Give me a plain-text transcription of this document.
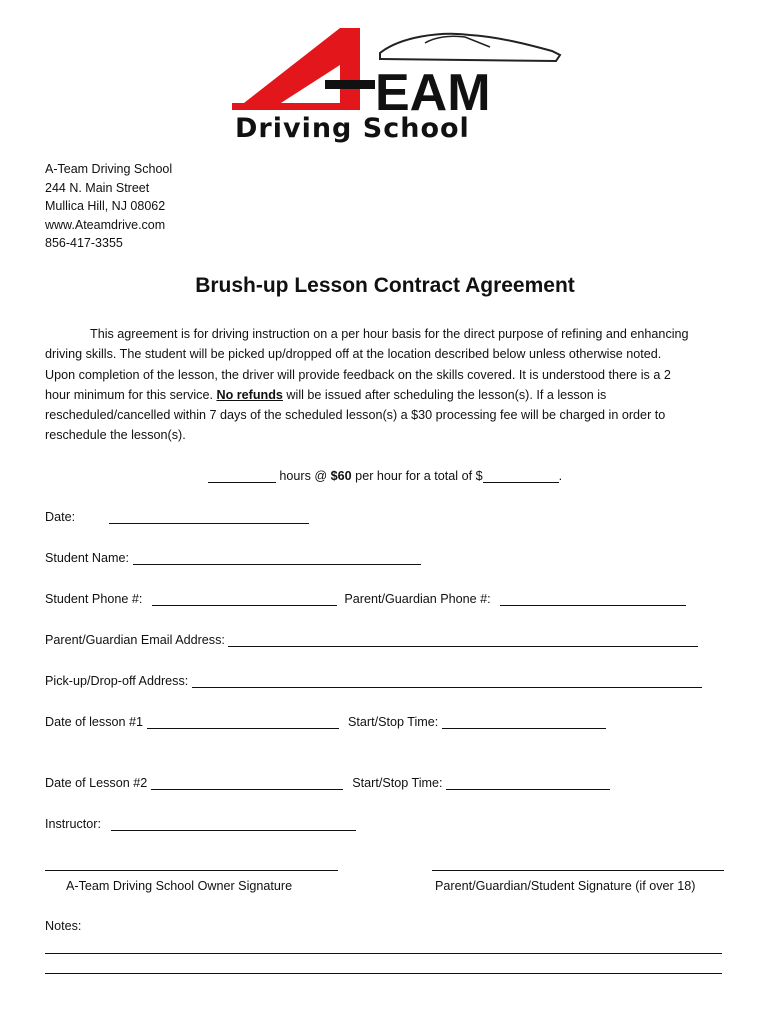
EAM
Driving School
A-Team Driving School
244 N. Main Street
Mullica Hill, NJ 08062
www.Ateamdrive.com
856-417-3355
Brush-up Lesson Contract Agreement
This agreement is for driving instruction on a per hour basis for the direct purpose of refining and enhancing driving skills. The student will be picked up/dropped off at the location described below unless otherwise noted. Upon completion of the lesson, the driver will provide feedback on the skills covered. It is understood there is a 2 hour minimum for this service. No refunds will be issued after scheduling the lesson(s). If a lesson is rescheduled/cancelled within 7 days of the scheduled lesson(s) a $30 processing fee will be charged in order to reschedule the lesson(s).
hours @ $60 per hour for a total of $	.
Date:
Student Name:
Student Phone #:	Parent/Guardian Phone #:
Parent/Guardian Email Address:
Pick-up/Drop-off Address:
Date of lesson #1	Start/Stop Time:
Date of Lesson #2	Start/Stop Time:
Instructor:
A-Team Driving School Owner Signature	Parent/Guardian/Student Signature (if over 18)
Notes:
